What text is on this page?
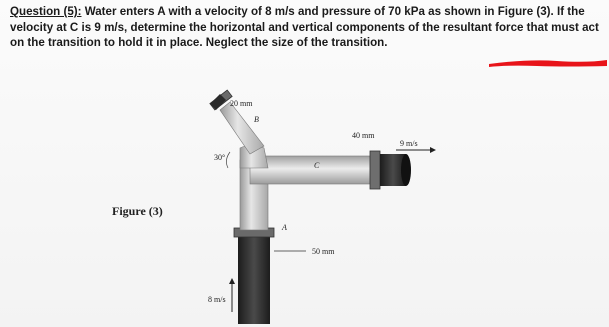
Question (5): Water enters A with a velocity of 8 m/s and pressure of 70 kPa as shown in Figure (3). If the velocity at C is 9 m/s, determine the horizontal and vertical components of the resultant force that must act on the transition to hold it in place. Neglect the size of the transition.
Figure (3)
20 mm
B
30°
40 mm
9 m/s
C
A
50 mm
8 m/s
